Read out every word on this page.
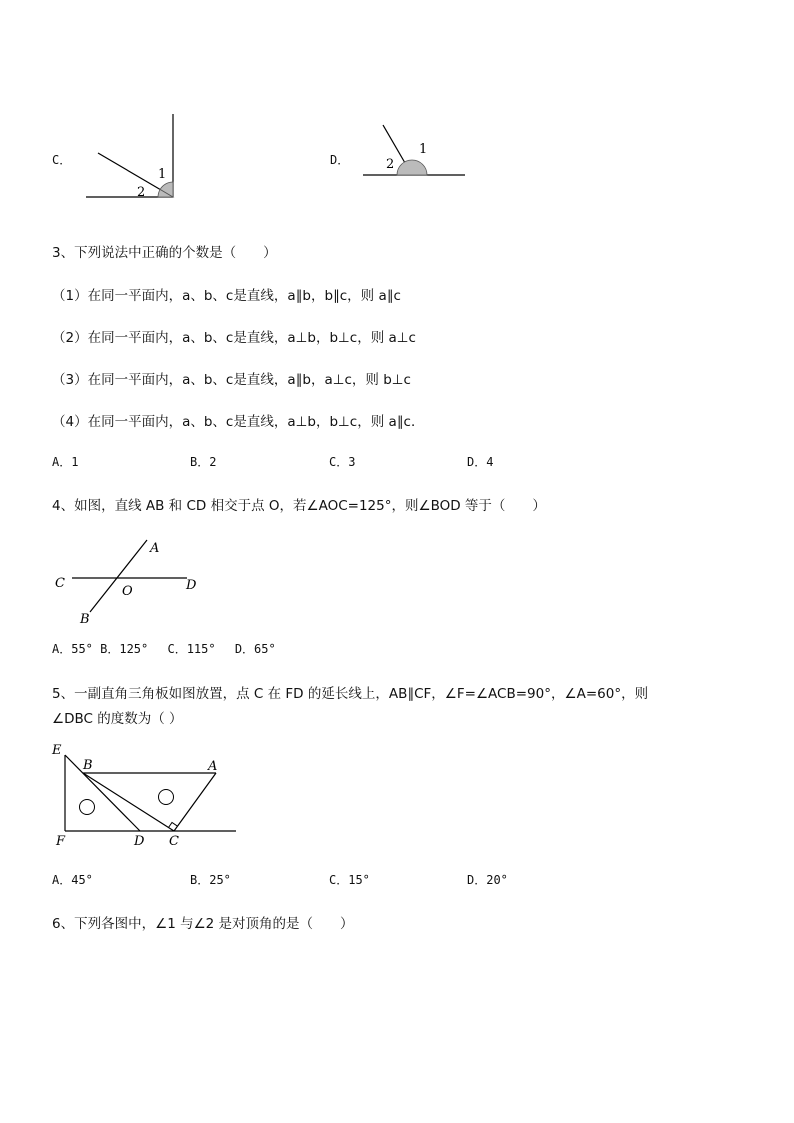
C．
1
2
D．
1
2
3、下列说法中正确的个数是（　　）
（1）在同一平面内，a、b、c是直线，a∥b，b∥c，则 a∥c
（2）在同一平面内，a、b、c是直线，a⊥b，b⊥c，则 a⊥c
（3）在同一平面内，a、b、c是直线，a∥b，a⊥c，则 b⊥c
（4）在同一平面内，a、b、c是直线，a⊥b，b⊥c，则 a∥c．
A．1	B．2	C．3	D．4
4、如图，直线 AB 和 CD 相交于点 O，若∠AOC=125°，则∠BOD 等于（　　）
A
B
C	D
O
A．55° B．125°　 C．115°　 D．65°
5、一副直角三角板如图放置，点 C 在 FD 的延长线上，AB∥CF，∠F=∠ACB=90°，∠A=60°，则
∠DBC 的度数为（ ）
E
B	A
F	D C
A．45°	B．25°	C．15°	D．20°
6、下列各图中，∠1 与∠2 是对顶角的是（　　）
